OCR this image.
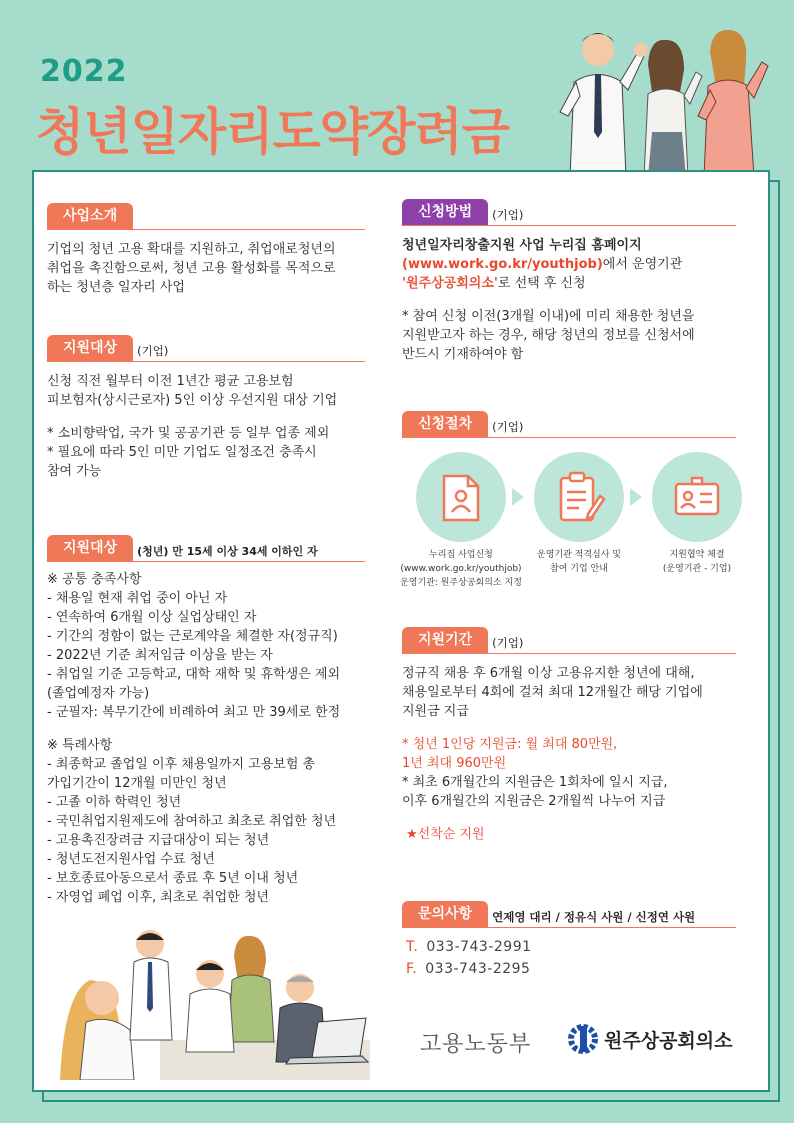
2022
청년일자리도약장려금
사업소개

기업의 청년 고용 확대를 지원하고, 취업애로청년의
취업을 촉진함으로써, 청년 고용 활성화를 목적으로
하는 청년층 일자리 사업

지원대상	(기업)

신청 직전 월부터 이전 1년간 평균 고용보험
피보험자(상시근로자) 5인 이상 우선지원 대상 기업

* 소비향락업, 국가 및 공공기관 등 일부 업종 제외
* 필요에 따라 5인 미만 기업도 일정조건 충족시
참여 가능

지원대상	(청년) 만 15세 이상 34세 이하인 자

※ 공통 충족사항

- 채용일 현재 취업 중이 아닌 자
- 연속하여 6개월 이상 실업상태인 자
- 기간의 정함이 없는 근로계약을 체결한 자(정규직)
- 2022년 기준 최저임금 이상을 받는 자
- 취업일 기준 고등학교, 대학 재학 및 휴학생은 제외
(졸업예정자 가능)
- 군필자: 복무기간에 비례하여 최고 만 39세로 한정

※ 특례사항

- 최종학교 졸업일 이후 채용일까지 고용보험 총
가입기간이 12개월 미만인 청년
- 고졸 이하 학력인 청년
- 국민취업지원제도에 참여하고 최초로 취업한 청년
- 고용촉진장려금 지급대상이 되는 청년
- 청년도전지원사업 수료 청년
- 보호종료아동으로서 종료 후 5년 이내 청년
- 자영업 폐업 이후, 최초로 취업한 청년

신청방법	(기업)

청년일자리창출지원 사업 누리집 홈페이지

(www.work.go.kr/youthjob)에서 운영기관

'원주상공회의소'로 선택 후 신청

* 참여 신청 이전(3개월 이내)에 미리 채용한 청년을
지원받고자 하는 경우, 해당 청년의 정보를 신청서에
반드시 기재하여야 함

신청절차	(기업)
누리집 사업신청
(www.work.go.kr/youthjob)
운영기관: 원주상공회의소 지정
운영기관 적격심사 및
참여 기업 안내
지원협약 체결
(운영기관 - 기업)
지원기간	(기업)

정규직 채용 후 6개월 이상 고용유지한 청년에 대해,
채용일로부터 4회에 걸쳐 최대 12개월간 해당 기업에
지원금 지급

* 청년 1인당 지원금: 월 최대 80만원,
1년 최대 960만원

* 최초 6개월간의 지원금은 1회차에 일시 지급,
이후 6개월간의 지원금은 2개월씩 나누어 지급

★선착순 지원

문의사항	연제영 대리 / 정유식 사원 / 신정연 사원
T. 033-743-2991
F. 033-743-2295
고용노동부	원주상공회의소
